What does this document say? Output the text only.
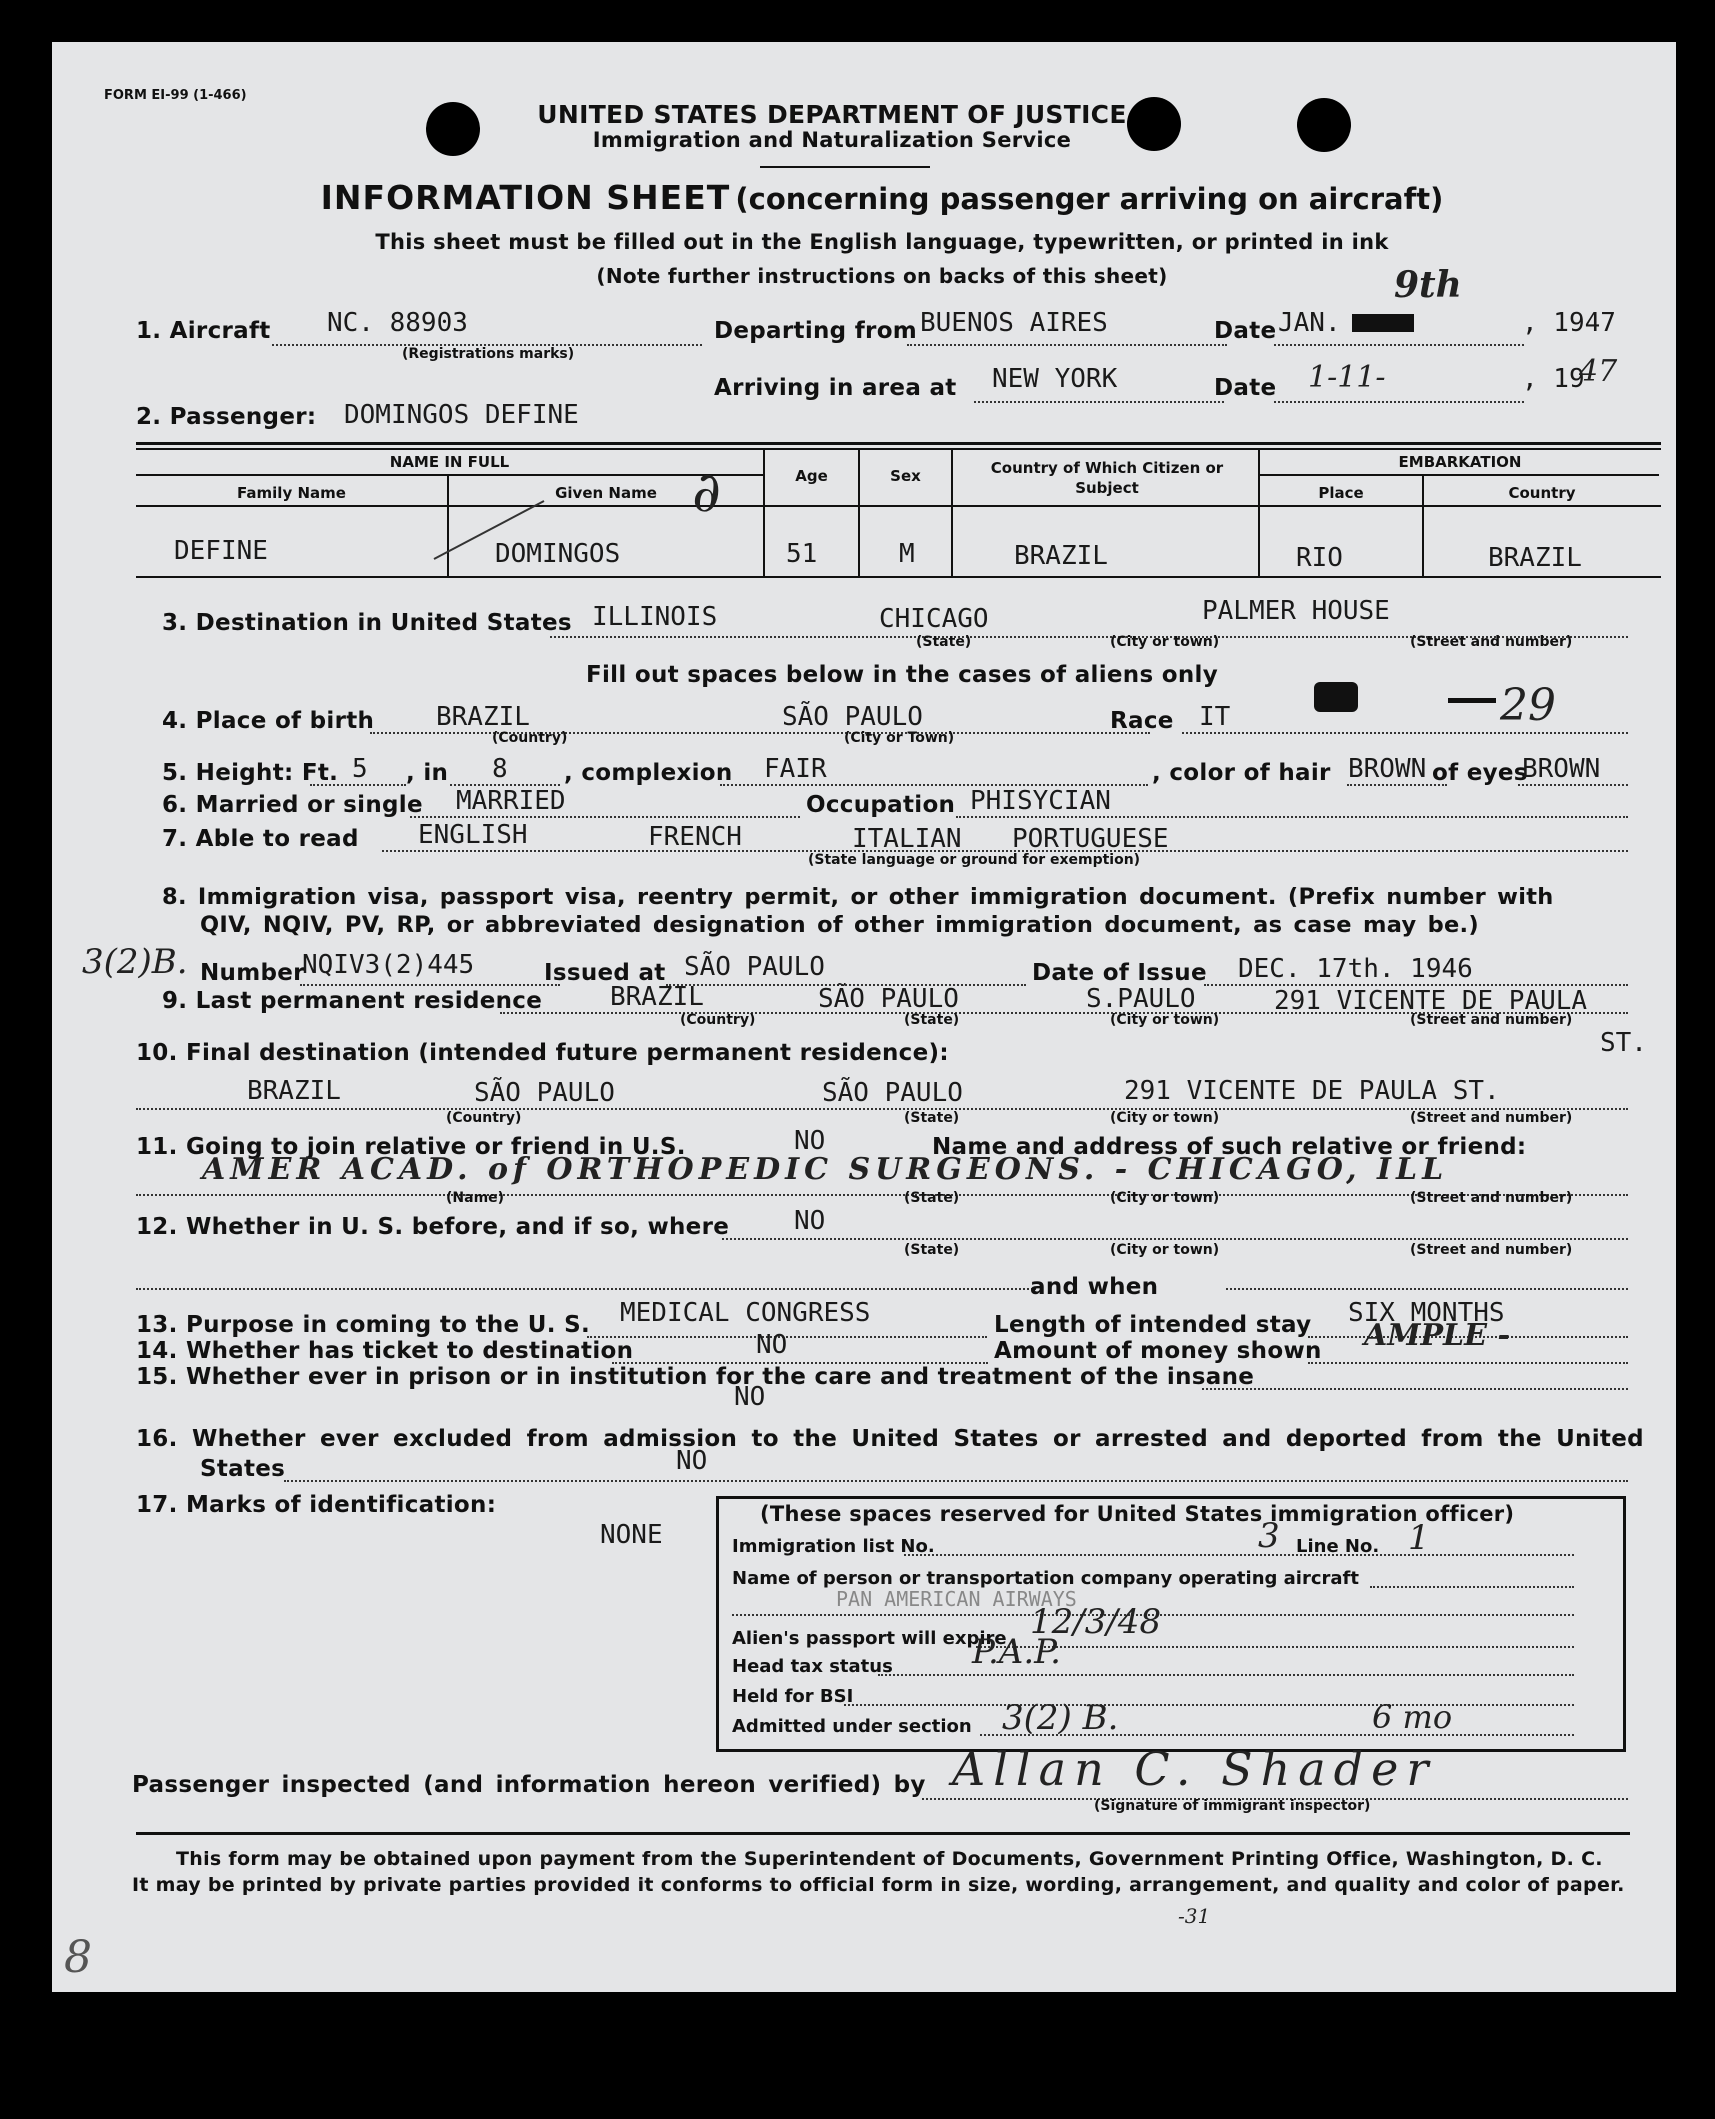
FORM EI-99 (1-466)
UNITED STATES DEPARTMENT OF JUSTICE
Immigration and Naturalization Service
INFORMATION SHEET (concerning passenger arriving on aircraft)
This sheet must be filled out in the English language, typewritten, or printed in ink
(Note further instructions on backs of this sheet)
1. Aircraft NC. 88903
(Registrations marks)
Departing from BUENOS AIRES	Date JAN.
9th
, 1947
Arriving in area at NEW YORK	Date 1-11-	, 19
47
2. Passenger: DOMINGOS DEFINE
NAME IN FULL
Family Name	Given Name
Age	Sex	Country of Which Citizen or Subject
EMBARKATION
Place	Country
∂
DEFINE	DOMINGOS	51	M	BRAZIL	RIO	BRAZIL
3. Destination in United States ILLINOIS	CHICAGO	PALMER HOUSE
(State)	(City or town)	(Street and number)
Fill out spaces below in the cases of aliens only
4. Place of birth BRAZIL	SÃO PAULO
(Country)	(City or Town)
Race IT	29
5. Height: Ft. 5 , in 8 , complexion FAIR	, color of hair BROWN of eyes
BROWN
6. Married or single MARRIED	Occupation PHISYCIAN
7. Able to read ENGLISH	FRENCH	ITALIAN PORTUGUESE
(State language or ground for exemption)
8. Immigration visa, passport visa, reentry permit, or other immigration document. (Prefix number with
QIV, NQIV, PV, RP, or abbreviated designation of other immigration document, as case may be.)
3(2)B. Number
NQIV3(2)445	Issued at SÃO PAULO	Date of Issue DEC. 17th. 1946
9. Last permanent residence	BRAZIL	SÃO PAULO	S.PAULO	291 VICENTE DE PAULA
ST.
(Country)	(State)	(City or town)	(Street and number)
10. Final destination (intended future permanent residence):
BRAZIL	SÃO PAULO	SÃO PAULO	291 VICENTE DE PAULA ST.
(Country)	(State)	(City or town)	(Street and number)
11. Going to join relative or friend in U.S.	NO	Name and address of such relative or friend:
AMER ACAD. of ORTHOPEDIC SURGEONS. - CHICAGO, ILL
(Name)	(State)	(City or town)	(Street and number)
12. Whether in U. S. before, and if so, where NO
(State)	(City or town)	(Street and number)
and when
13. Purpose in coming to the U. S. MEDICAL CONGRESS	Length of intended stay SIX MONTHS
14. Whether has ticket to destination	NO	Amount of money shown AMPLE -
15. Whether ever in prison or in institution for the care and treatment of the insane
NO
16. Whether ever excluded from admission to the United States or arrested and deported from the United
States	NO
17. Marks of identification:
NONE
(These spaces reserved for United States immigration officer)
Immigration list No.	3 Line No. 1
Name of person or transportation company operating aircraft
PAN AMERICAN AIRWAYS
Alien's passport will expire 12/3/48
Head tax status P.A.P.
Held for BSI
Admitted under section 3(2) B.	6 mo
Passenger inspected (and information hereon verified) by Allan C. Shader
(Signature of immigrant inspector)
This form may be obtained upon payment from the Superintendent of Documents, Government Printing Office, Washington, D. C.
It may be printed by private parties provided it conforms to official form in size, wording, arrangement, and quality and color of paper.
-31
8
